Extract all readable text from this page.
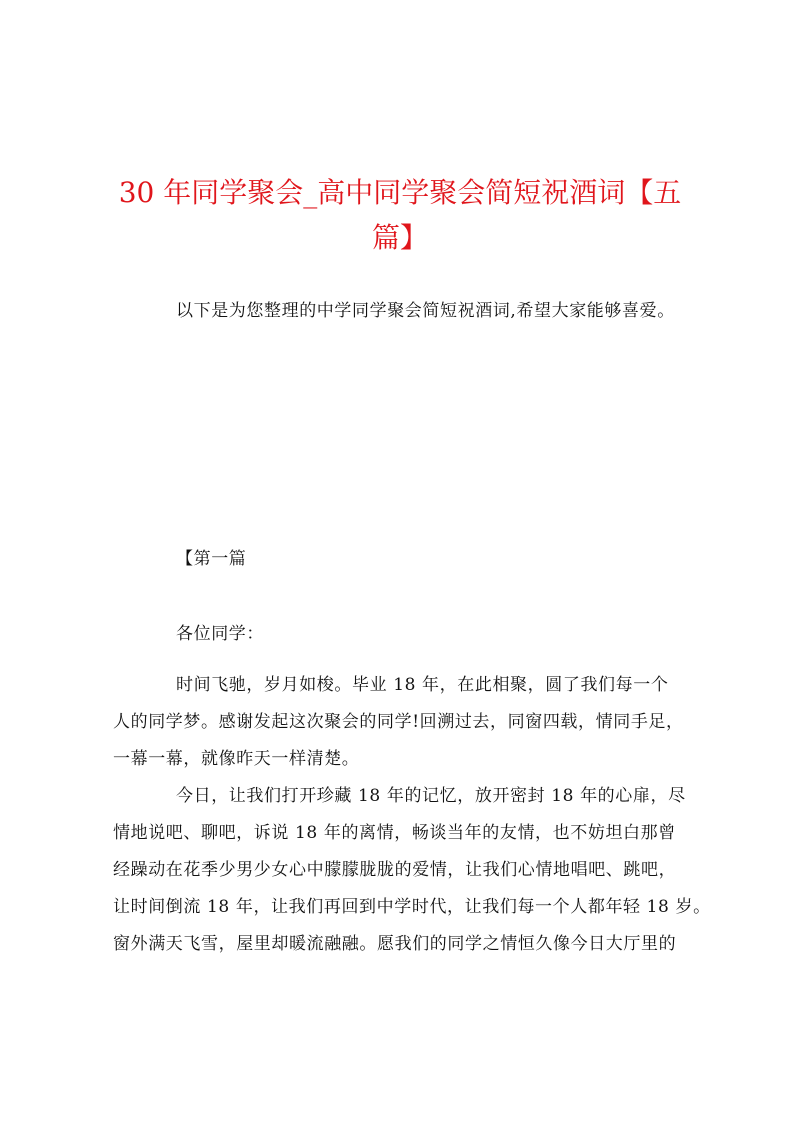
30 年同学聚会_高中同学聚会简短祝酒词【五
篇】

以下是为您整理的中学同学聚会简短祝酒词,希望大家能够喜爱。

【第一篇

各位同学：

时间飞驰，岁月如梭。毕业 18 年，在此相聚，圆了我们每一个

人的同学梦。感谢发起这次聚会的同学!回溯过去，同窗四载，情同手足，

一幕一幕，就像昨天一样清楚。

今日，让我们打开珍藏 18 年的记忆，放开密封 18 年的心扉，尽

情地说吧、聊吧，诉说 18 年的离情，畅谈当年的友情，也不妨坦白那曾

经躁动在花季少男少女心中朦朦胧胧的爱情，让我们心情地唱吧、跳吧，

让时间倒流 18 年，让我们再回到中学时代，让我们每一个人都年轻 18 岁。

窗外满天飞雪，屋里却暖流融融。愿我们的同学之情恒久像今日大厅里的
